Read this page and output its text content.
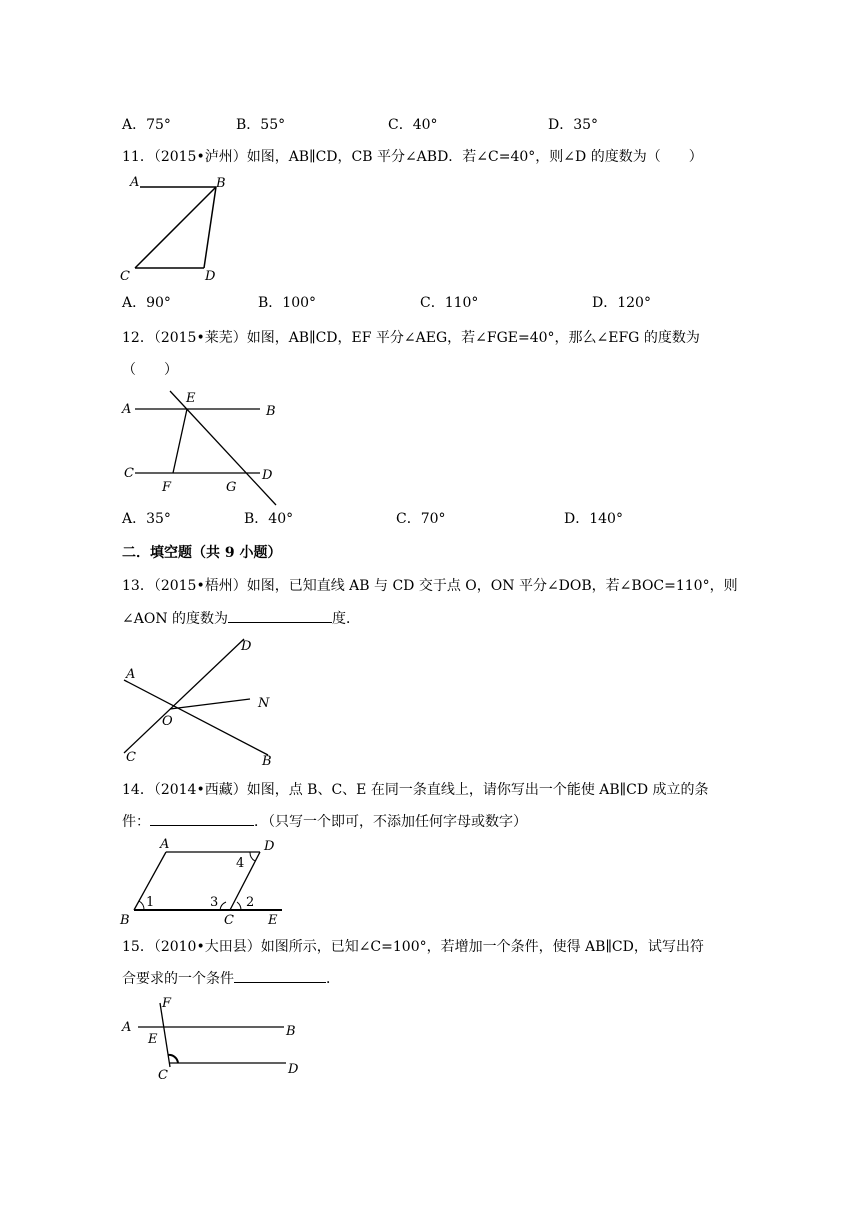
A．75°	B．55°	C．40°	D．35°
11．（2015•泸州）如图，AB∥CD，CB 平分∠ABD．若∠C=40°，则∠D 的度数为（　　）
A	B
C	D
A．90°	B．100°	C．110°	D．120°
12．（2015•莱芜）如图，AB∥CD，EF 平分∠AEG，若∠FGE=40°，那么∠EFG 的度数为
（　　）
A
E
B
C
F	G
D
A．35°	B．40°	C．70°	D．140°
二．填空题（共 9 小题）
13．（2015•梧州）如图，已知直线 AB 与 CD 交于点 O，ON 平分∠DOB，若∠BOC=110°，则
∠AON 的度数为	度．
D
A
N
O
C	B
14．（2014•西藏）如图，点 B、C、E 在同一条直线上，请你写出一个能使 AB∥CD 成立的条
件：	．（只写一个即可，不添加任何字母或数字）
A	D
4
1	3 2
B	C	E
15．（2010•大田县）如图所示，已知∠C=100°，若增加一个条件，使得 AB∥CD，试写出符
合要求的一个条件	．
F
A	B
E
C	D
